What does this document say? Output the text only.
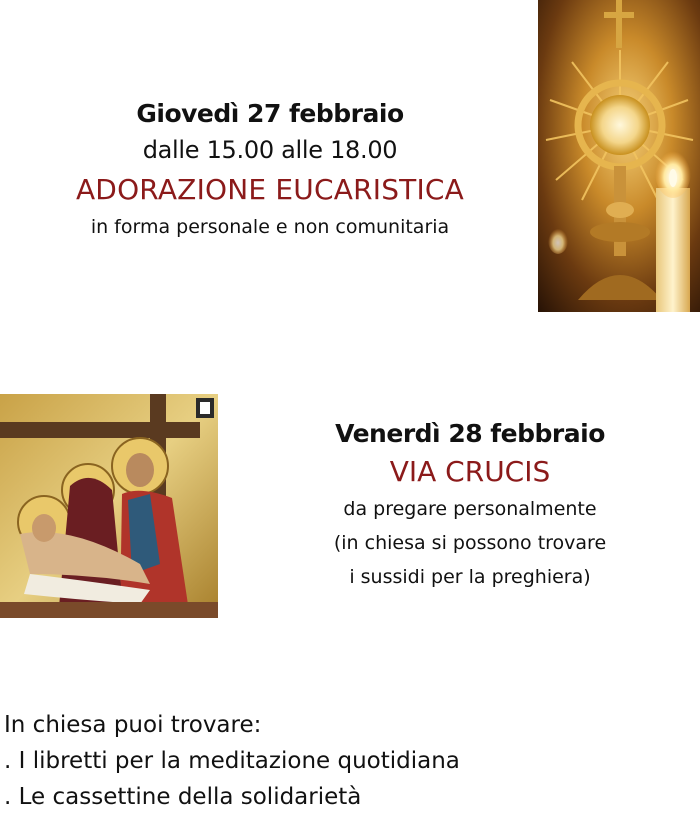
Giovedì 27 febbraio
dalle 15.00 alle 18.00
ADORAZIONE EUCARISTICA
in forma personale e non comunitaria
Venerdì 28 febbraio
VIA CRUCIS
da pregare personalmente
(in chiesa si possono trovare
i sussidi per la preghiera)
In chiesa puoi trovare:
. I libretti per la meditazione quotidiana
. Le cassettine della solidarietà
